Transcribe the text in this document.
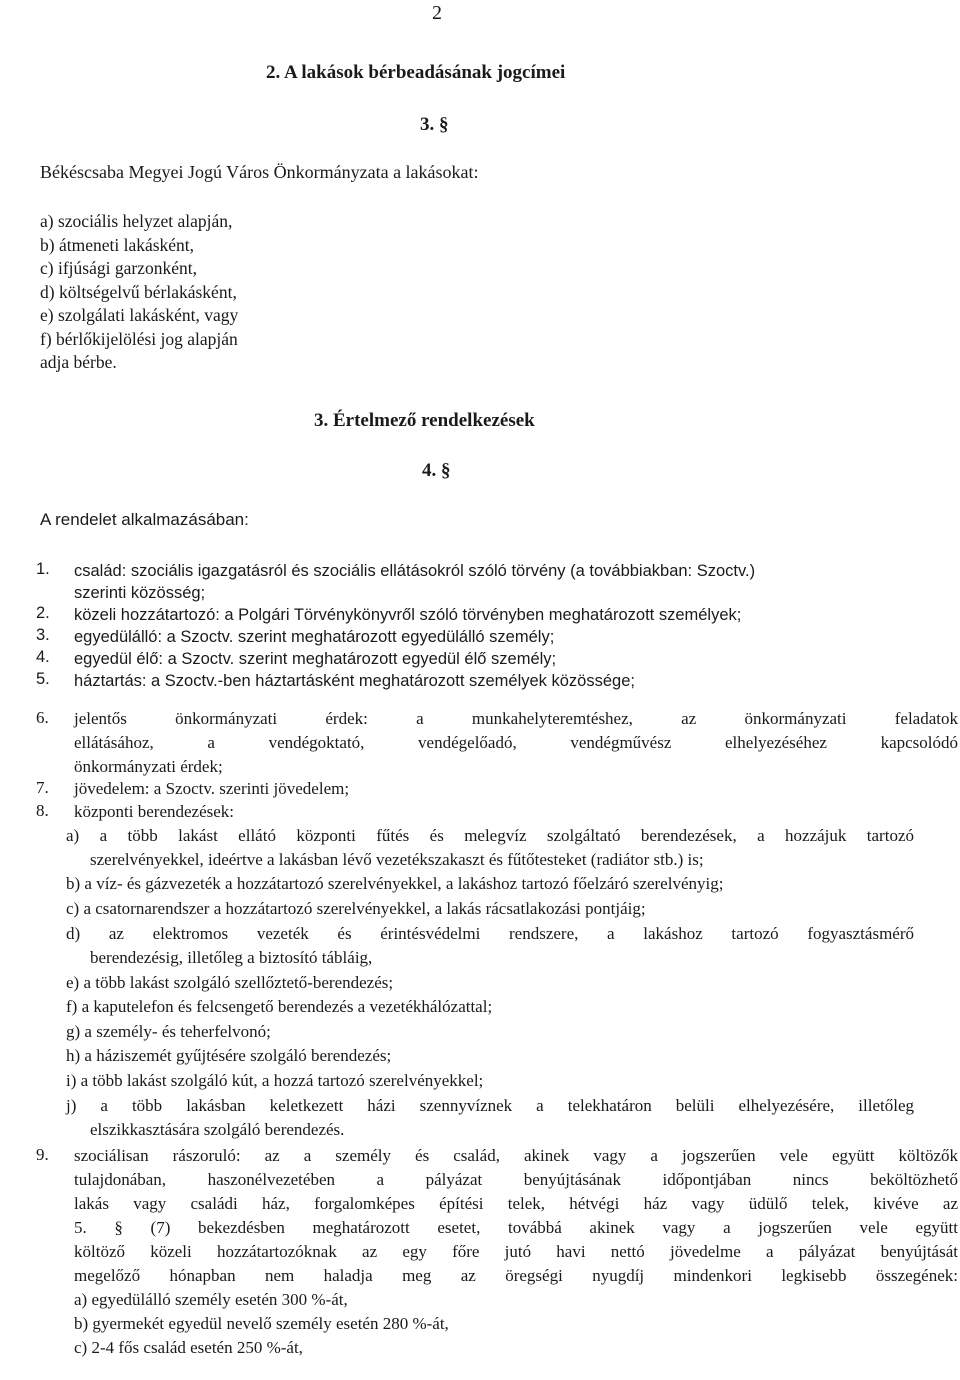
2
2. A lakások bérbeadásának jogcímei
3. §
Békéscsaba Megyei Jogú Város Önkormányzata a lakásokat:
a) szociális helyzet alapján,
b) átmeneti lakásként,
c) ifjúsági garzonként,
d) költségelvű bérlakásként,
e) szolgálati lakásként, vagy
f) bérlőkijelölési jog alapján
adja bérbe.
3. Értelmező rendelkezések
4. §
A rendelet alkalmazásában:
1.	család: szociális igazgatásról és szociális ellátásokról szóló törvény (a továbbiakban: Szoctv.)
szerinti közösség;
2.	közeli hozzátartozó: a Polgári Törvénykönyvről szóló törvényben meghatározott személyek;
3.	egyedülálló: a Szoctv. szerint meghatározott egyedülálló személy;
4.	egyedül élő: a Szoctv. szerint meghatározott egyedül élő személy;
5.	háztartás: a Szoctv.-ben háztartásként meghatározott személyek közössége;
6.	jelentős önkormányzati érdek: a munkahelyteremtéshez, az önkormányzati feladatok
ellátásához, a vendégoktató, vendégelőadó, vendégművész elhelyezéséhez kapcsolódó
önkormányzati érdek;
7.	jövedelem: a Szoctv. szerinti jövedelem;
8.	központi berendezések:
a) a több lakást ellátó központi fűtés és melegvíz szolgáltató berendezések, a hozzájuk tartozó
szerelvényekkel, ideértve a lakásban lévő vezetékszakaszt és fűtőtesteket (radiátor stb.) is;
b) a víz- és gázvezeték a hozzátartozó szerelvényekkel, a lakáshoz tartozó főelzáró szerelvényig;
c) a csatornarendszer a hozzátartozó szerelvényekkel, a lakás rácsatlakozási pontjáig;
d) az elektromos vezeték és érintésvédelmi rendszere, a lakáshoz tartozó fogyasztásmérő
berendezésig, illetőleg a biztosító tábláig,
e) a több lakást szolgáló szellőztető-berendezés;
f) a kaputelefon és felcsengető berendezés a vezetékhálózattal;
g) a személy- és teherfelvonó;
h) a háziszemét gyűjtésére szolgáló berendezés;
i) a több lakást szolgáló kút, a hozzá tartozó szerelvényekkel;
j) a több lakásban keletkezett házi szennyvíznek a telekhatáron belüli elhelyezésére, illetőleg
elszikkasztására szolgáló berendezés.
9.	szociálisan rászoruló: az a személy és család, akinek vagy a jogszerűen vele együtt költözők
tulajdonában, haszonélvezetében a pályázat benyújtásának időpontjában nincs beköltözhető
lakás vagy családi ház, forgalomképes építési telek, hétvégi ház vagy üdülő telek, kivéve az
5. § (7) bekezdésben meghatározott esetet, továbbá akinek vagy a jogszerűen vele együtt
költöző közeli hozzátartozóknak az egy főre jutó havi nettó jövedelme a pályázat benyújtását
megelőző hónapban nem haladja meg az öregségi nyugdíj mindenkori legkisebb összegének:
a) egyedülálló személy esetén 300 %-át,
b) gyermekét egyedül nevelő személy esetén 280 %-át,
c) 2-4 fős család esetén 250 %-át,
